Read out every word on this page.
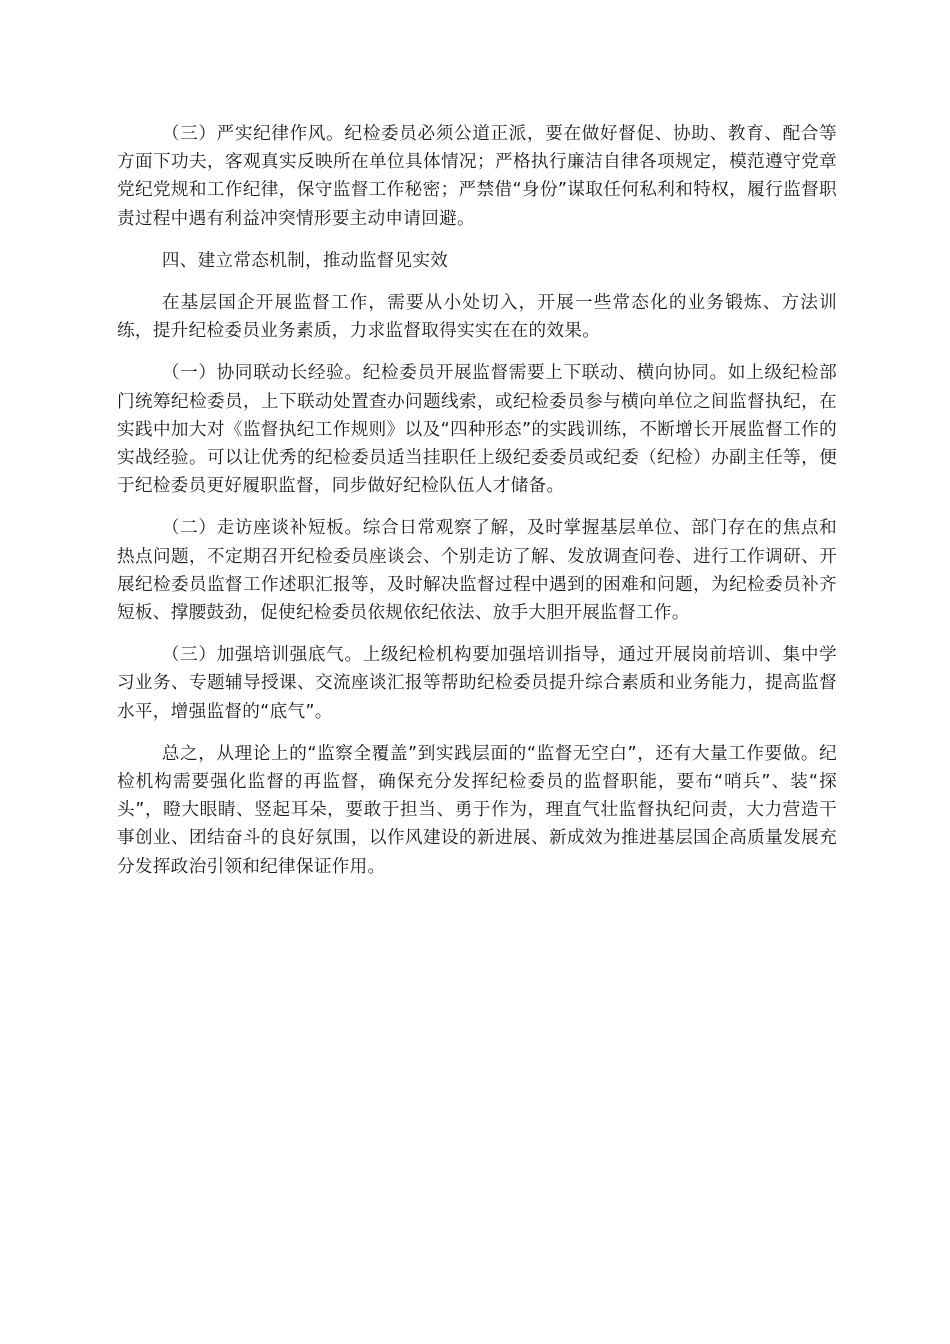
（三）严实纪律作风。纪检委员必须公道正派，要在做好督促、协助、教育、配合等方面下功夫，客观真实反映所在单位具体情况；严格执行廉洁自律各项规定，模范遵守党章党纪党规和工作纪律，保守监督工作秘密；严禁借“身份”谋取任何私利和特权，履行监督职责过程中遇有利益冲突情形要主动申请回避。

四、建立常态机制，推动监督见实效

在基层国企开展监督工作，需要从小处切入，开展一些常态化的业务锻炼、方法训练，提升纪检委员业务素质，力求监督取得实实在在的效果。

（一）协同联动长经验。纪检委员开展监督需要上下联动、横向协同。如上级纪检部门统筹纪检委员，上下联动处置查办问题线索，或纪检委员参与横向单位之间监督执纪，在实践中加大对《监督执纪工作规则》以及“四种形态”的实践训练，不断增长开展监督工作的实战经验。可以让优秀的纪检委员适当挂职任上级纪委委员或纪委（纪检）办副主任等，便于纪检委员更好履职监督，同步做好纪检队伍人才储备。

（二）走访座谈补短板。综合日常观察了解，及时掌握基层单位、部门存在的焦点和热点问题，不定期召开纪检委员座谈会、个别走访了解、发放调查问卷、进行工作调研、开展纪检委员监督工作述职汇报等，及时解决监督过程中遇到的困难和问题，为纪检委员补齐短板、撑腰鼓劲，促使纪检委员依规依纪依法、放手大胆开展监督工作。

（三）加强培训强底气。上级纪检机构要加强培训指导，通过开展岗前培训、集中学习业务、专题辅导授课、交流座谈汇报等帮助纪检委员提升综合素质和业务能力，提高监督水平，增强监督的“底气”。

总之，从理论上的“监察全覆盖”到实践层面的“监督无空白”，还有大量工作要做。纪检机构需要强化监督的再监督，确保充分发挥纪检委员的监督职能，要布“哨兵”、装“探头”，瞪大眼睛、竖起耳朵，要敢于担当、勇于作为，理直气壮监督执纪问责，大力营造干事创业、团结奋斗的良好氛围，以作风建设的新进展、新成效为推进基层国企高质量发展充分发挥政治引领和纪律保证作用。
